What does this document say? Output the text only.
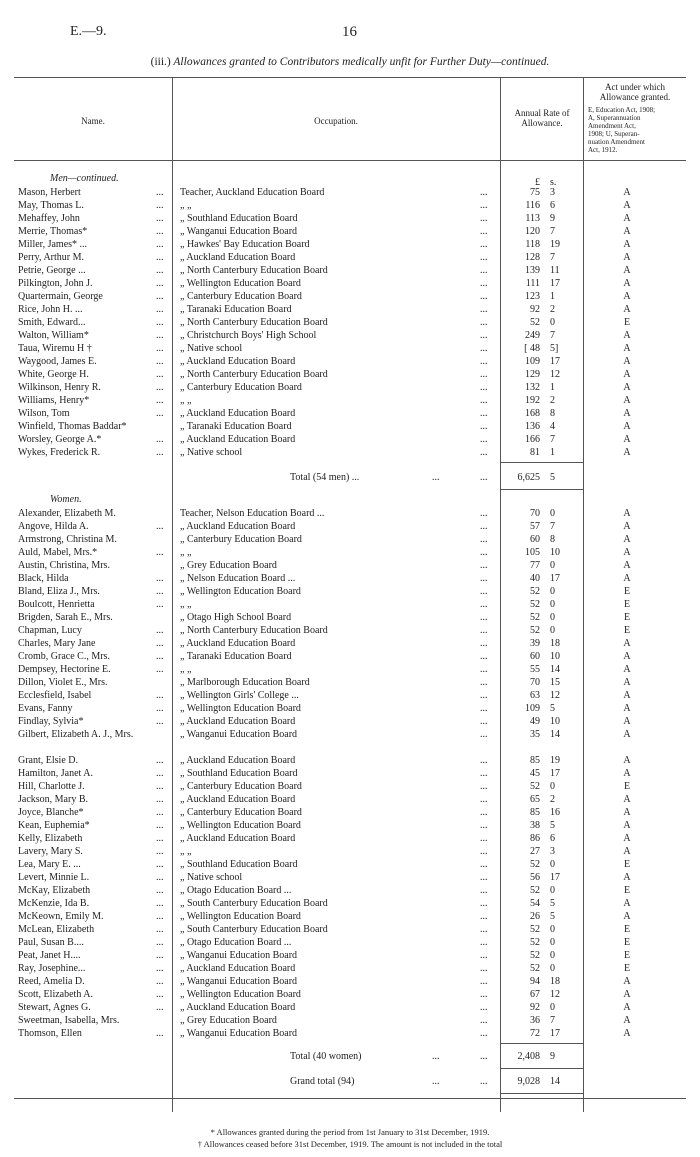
E.—9.	16
(iii.) Allowances granted to Contributors medically unfit for Further Duty—continued.
Name.	Occupation.
Annual Rate of Allowance.
Act under which Allowance granted.
E, Education Act, 1908;
A, Superannuation
Amendment Act,
1908; U, Superan-
nuation Amendment
Act, 1912.
£ s.
Men—continued.
Mason, Herbert	... Teacher, Auckland Education Board	...	75 3	A
May, Thomas L.	... „ „	...	116 6	A
Mehaffey, John	... „ Southland Education Board	...	113 9	A
Merrie, Thomas*	... „ Wanganui Education Board	...	120 7	A
Miller, James* ...	... „ Hawkes' Bay Education Board	...	118 19	A
Perry, Arthur M.	... „ Auckland Education Board	...	128 7	A
Petrie, George ...	... „ North Canterbury Education Board	...	139 11	A
Pilkington, John J.	... „ Wellington Education Board	...	111 17	A
Quartermain, George	... „ Canterbury Education Board	...	123 1	A
Rice, John H. ...	... „ Taranaki Education Board	...	92 2	A
Smith, Edward...	... „ North Canterbury Education Board	...	52 0	E
Walton, William*	... „ Christchurch Boys' High School	...	249 7	A
Taua, Wiremu H †	... „ Native school	...	[ 48 5]	A
Waygood, James E.	... „ Auckland Education Board	...	109 17	A
White, George H.	... „ North Canterbury Education Board	...	129 12	A
Wilkinson, Henry R.	... „ Canterbury Education Board	...	132 1	A
Williams, Henry*	... „ „	...	192 2	A
Wilson, Tom	... „ Auckland Education Board	...	168 8	A
Winfield, Thomas Baddar*	„ Taranaki Education Board	...	136 4	A
Worsley, George A.*	... „ Auckland Education Board	...	166 7	A
Wykes, Frederick R.	... „ Native school	...	81 1	A
Total (54 men) ...	...	...	6,625 5
Women.
Alexander, Elizabeth M.	Teacher, Nelson Education Board ...	...	70 0	A
Angove, Hilda A.	... „ Auckland Education Board	...	57 7	A
Armstrong, Christina M.	„ Canterbury Education Board	...	60 8	A
Auld, Mabel, Mrs.*	... „ „	...	105 10	A
Austin, Christina, Mrs.	„ Grey Education Board	...	77 0	A
Black, Hilda	... „ Nelson Education Board ...	...	40 17	A
Bland, Eliza J., Mrs.	... „ Wellington Education Board	...	52 0	E
Boulcott, Henrietta	... „ „	...	52 0	E
Brigden, Sarah E., Mrs.	„ Otago High School Board	...	52 0	E
Chapman, Lucy	... „ North Canterbury Education Board	...	52 0	E
Charles, Mary Jane	... „ Auckland Education Board	...	39 18	A
Cromb, Grace C., Mrs.	... „ Taranaki Education Board	...	60 10	A
Dempsey, Hectorine E.	... „ „	...	55 14	A
Dillon, Violet E., Mrs.	„ Marlborough Education Board	...	70 15	A
Ecclesfield, Isabel	... „ Wellington Girls' College ...	...	63 12	A
Evans, Fanny	... „ Wellington Education Board	...	109 5	A
Findlay, Sylvia*	... „ Auckland Education Board	...	49 10	A
Gilbert, Elizabeth A. J., Mrs.	„ Wanganui Education Board	...	35 14	A
Grant, Elsie D.	... „ Auckland Education Board	...	85 19	A
Hamilton, Janet A.	... „ Southland Education Board	...	45 17	A
Hill, Charlotte J.	... „ Canterbury Education Board	...	52 0	E
Jackson, Mary B.	... „ Auckland Education Board	...	65 2	A
Joyce, Blanche*	... „ Canterbury Education Board	...	85 16	A
Kean, Euphemia*	... „ Wellington Education Board	...	38 5	A
Kelly, Elizabeth	... „ Auckland Education Board	...	86 6	A
Lavery, Mary S.	... „ „	...	27 3	A
Lea, Mary E. ...	... „ Southland Education Board	...	52 0	E
Levert, Minnie L.	... „ Native school	...	56 17	A
McKay, Elizabeth	... „ Otago Education Board ...	...	52 0	E
McKenzie, Ida B.	... „ South Canterbury Education Board	...	54 5	A
McKeown, Emily M.	... „ Wellington Education Board	...	26 5	A
McLean, Elizabeth	... „ South Canterbury Education Board	...	52 0	E
Paul, Susan B....	... „ Otago Education Board ...	...	52 0	E
Peat, Janet H....	... „ Wanganui Education Board	...	52 0	E
Ray, Josephine...	... „ Auckland Education Board	...	52 0	E
Reed, Amelia D.	... „ Wanganui Education Board	...	94 18	A
Scott, Elizabeth A.	... „ Wellington Education Board	...	67 12	A
Stewart, Agnes G.	... „ Auckland Education Board	...	92 0	A
Sweetman, Isabella, Mrs.	„ Grey Education Board	...	36 7	A
Thomson, Ellen	... „ Wanganui Education Board	...	72 17	A
Total (40 women)	...	...	2,408 9
Grand total (94)	...	...	9,028 14
* Allowances granted during the period from 1st January to 31st December, 1919.
† Allowances ceased before 31st December, 1919. The amount is not included in the total
